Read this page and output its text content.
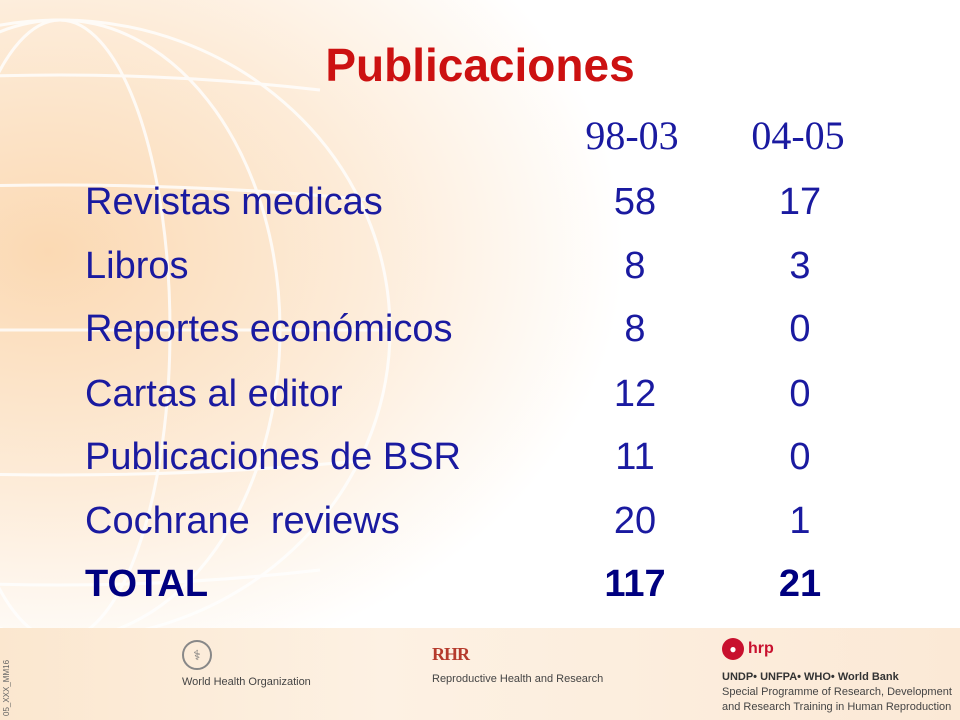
Publicaciones
98-03	04-05
Revistas medicas	58	17
Libros	8	3
Reportes económicos	8	0
Cartas al editor	12	0
Publicaciones de BSR	11	0
Cochrane  reviews	20	1
TOTAL	117	21
05_XXX_MM16
⚕
World Health Organization
RHR
Reproductive Health and Research
● hrp
UNDP• UNFPA• WHO• World Bank
Special Programme of Research, Development
and Research Training in Human Reproduction
